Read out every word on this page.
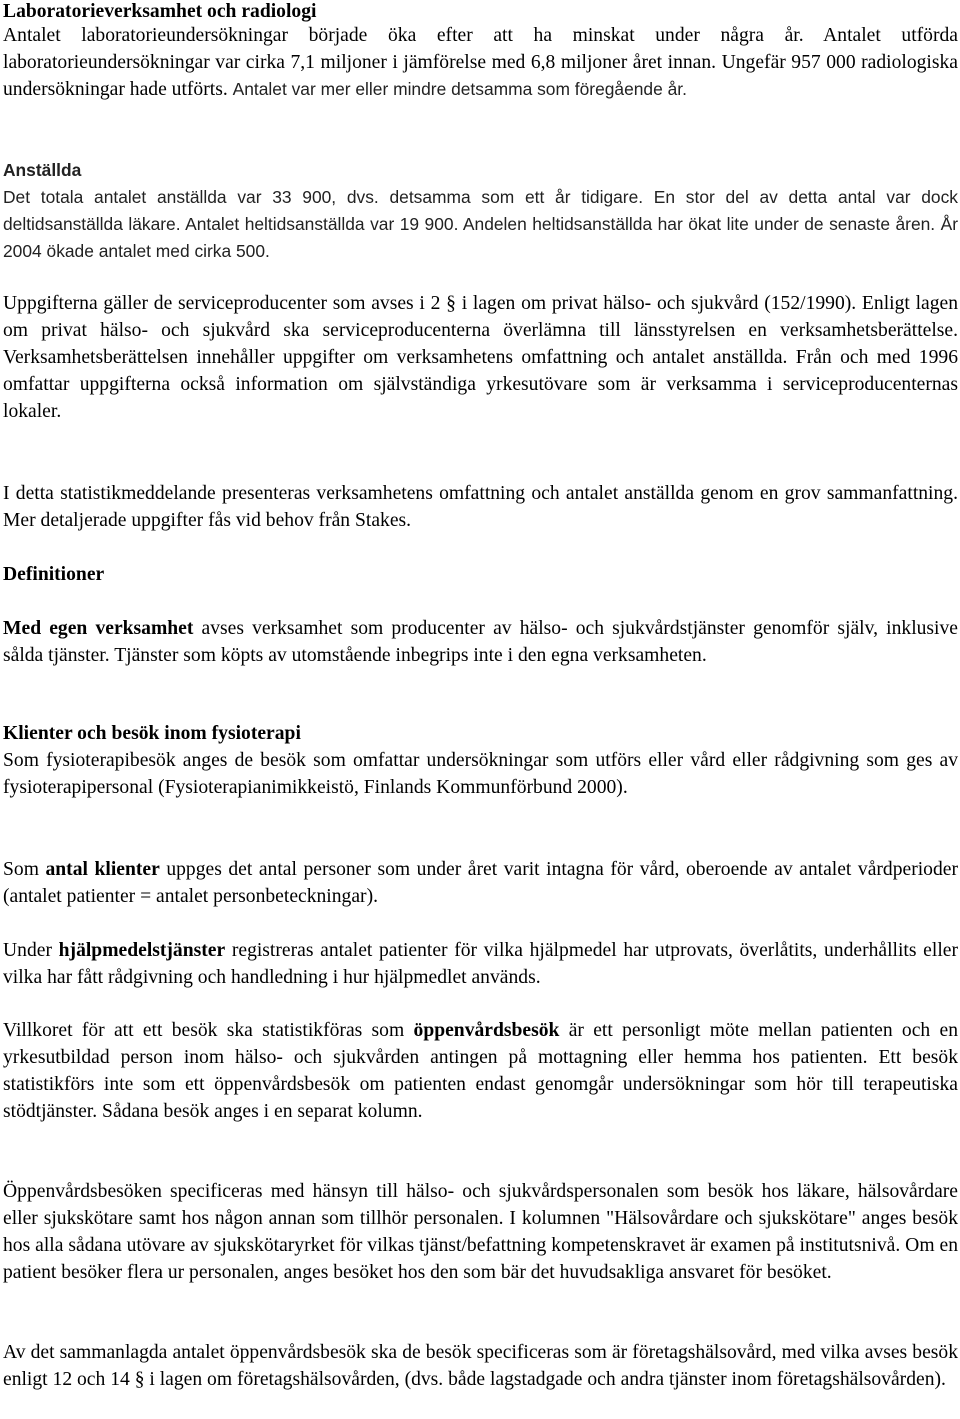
Laboratorieverksamhet och radiologi

Antalet laboratorieundersökningar började öka efter att ha minskat under några år. Antalet utförda laboratorieundersökningar var cirka 7,1 miljoner i jämförelse med 6,8 miljoner året innan. Ungefär 957 000 radiologiska undersökningar hade utförts. Antalet var mer eller mindre detsamma som föregående år.

Anställda

Det totala antalet anställda var 33 900, dvs. detsamma som ett år tidigare. En stor del av detta antal var dock deltidsanställda läkare. Antalet heltidsanställda var 19 900. Andelen heltidsanställda har ökat lite under de senaste åren. År 2004 ökade antalet med cirka 500.

Uppgifterna gäller de serviceproducenter som avses i 2 § i lagen om privat hälso- och sjukvård (152/1990). Enligt lagen om privat hälso- och sjukvård ska serviceproducenterna överlämna till länsstyrelsen en verksamhetsberättelse. Verksamhetsberättelsen innehåller uppgifter om verksamhetens omfattning och antalet anställda. Från och med 1996 omfattar uppgifterna också information om självständiga yrkesutövare som är verksamma i serviceproducenternas lokaler.

I detta statistikmeddelande presenteras verksamhetens omfattning och antalet anställda genom en grov sammanfattning. Mer detaljerade uppgifter fås vid behov från Stakes.

Definitioner

Med egen verksamhet avses verksamhet som producenter av hälso- och sjukvårdstjänster genomför själv, inklusive sålda tjänster. Tjänster som köpts av utomstående inbegrips inte i den egna verksamheten.

Klienter och besök inom fysioterapi

Som fysioterapibesök anges de besök som omfattar undersökningar som utförs eller vård eller rådgivning som ges av fysioterapipersonal (Fysioterapianimikkeistö, Finlands Kommunförbund 2000).

Som antal klienter uppges det antal personer som under året varit intagna för vård, oberoende av antalet vårdperioder (antalet patienter = antalet personbeteckningar).

Under hjälpmedelstjänster registreras antalet patienter för vilka hjälpmedel har utprovats, överlåtits, underhållits eller vilka har fått rådgivning och handledning i hur hjälpmedlet används.

Villkoret för att ett besök ska statistikföras som öppenvårdsbesök är ett personligt möte mellan patienten och en yrkesutbildad person inom hälso- och sjukvården antingen på mottagning eller hemma hos patienten. Ett besök statistikförs inte som ett öppenvårdsbesök om patienten endast genomgår undersökningar som hör till terapeutiska stödtjänster. Sådana besök anges i en separat kolumn.

Öppenvårdsbesöken specificeras med hänsyn till hälso- och sjukvårdspersonalen som besök hos läkare, hälsovårdare eller sjukskötare samt hos någon annan som tillhör personalen. I kolumnen "Hälsovårdare och sjukskötare" anges besök hos alla sådana utövare av sjukskötaryrket för vilkas tjänst/befattning kompetenskravet är examen på institutsnivå. Om en patient besöker flera ur personalen, anges besöket hos den som bär det huvudsakliga ansvaret för besöket.

Av det sammanlagda antalet öppenvårdsbesök ska de besök specificeras som är företagshälsovård, med vilka avses besök enligt 12 och 14 § i lagen om företagshälsovården, (dvs. både lagstadgade och andra tjänster inom företagshälsovården).
